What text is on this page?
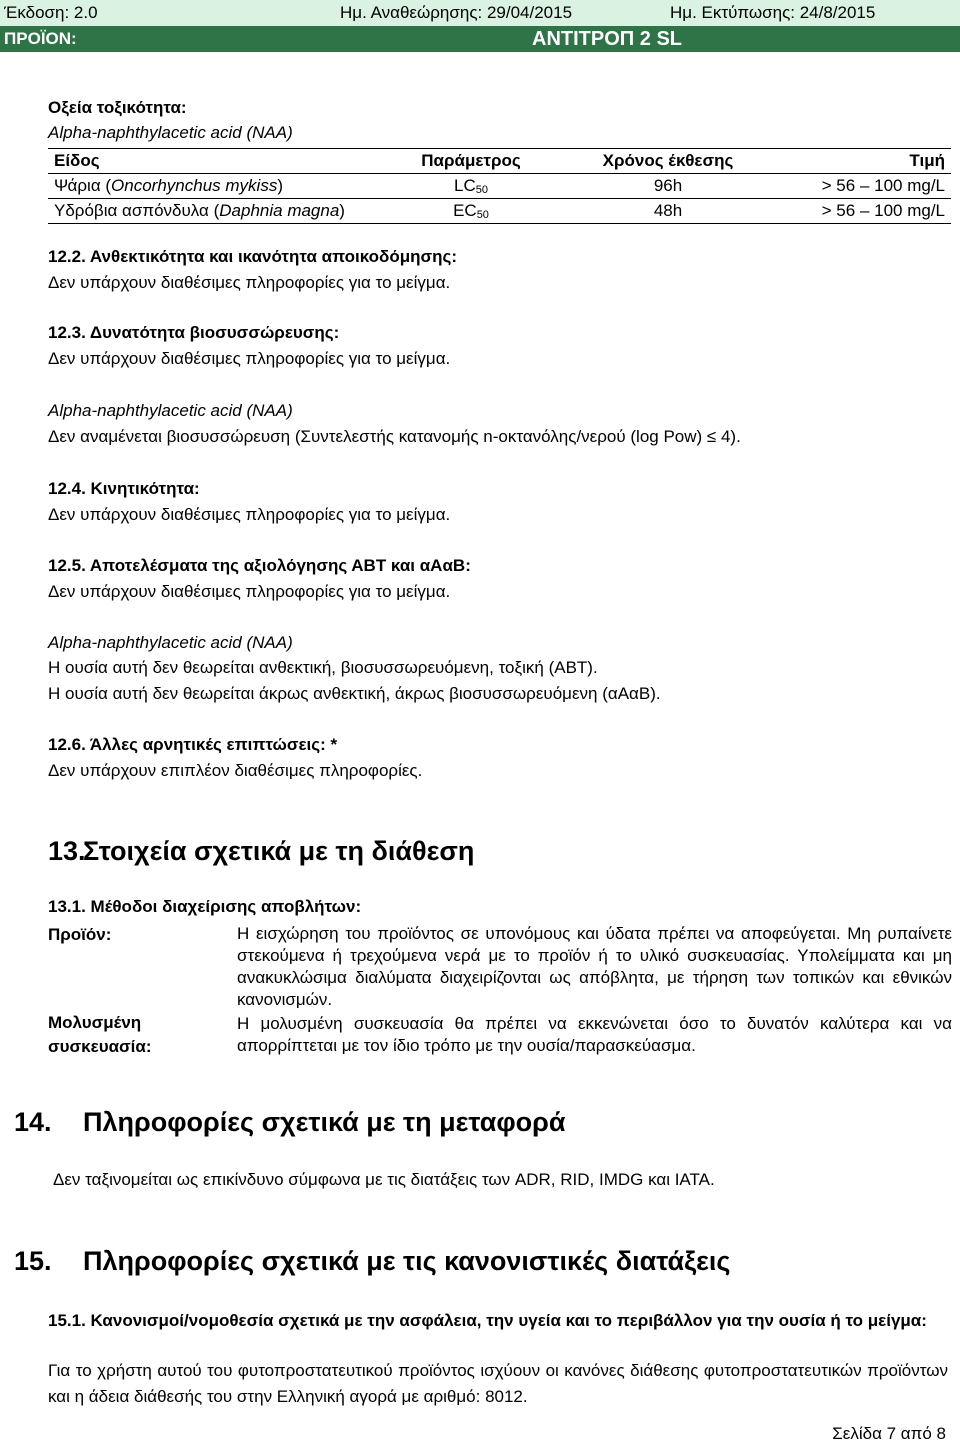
Έκδοση: 2.0	Ημ. Αναθεώρησης: 29/04/2015	Ημ. Εκτύπωσης: 24/8/2015
ΠΡΟΪΟΝ:	ΑΝΤΙΤΡΟΠ 2 SL
Οξεία τοξικότητα:
Alpha-naphthylacetic acid (NAA)
Είδος	Παράμετρος	Χρόνος έκθεσης	Τιμή
Ψάρια (Oncorhynchus mykiss)	$LC_{50}$	96h	> 56 – 100 mg/L
Υδρόβια ασπόνδυλα (Daphnia magna)	$EC_{50}$	48h	> 56 – 100 mg/L
12.2. Ανθεκτικότητα και ικανότητα αποικοδόμησης:
Δεν υπάρχουν διαθέσιμες πληροφορίες για το μείγμα.
12.3. Δυνατότητα βιοσυσσώρευσης:
Δεν υπάρχουν διαθέσιμες πληροφορίες για το μείγμα.
Alpha-naphthylacetic acid (NAA)
Δεν αναμένεται βιοσυσσώρευση (Συντελεστής κατανομής n-οκτανόλης/νερού (log Pow) ≤ 4).
12.4. Κινητικότητα:
Δεν υπάρχουν διαθέσιμες πληροφορίες για το μείγμα.
12.5. Αποτελέσματα της αξιολόγησης ΑΒΤ και αΑαΒ:
Δεν υπάρχουν διαθέσιμες πληροφορίες για το μείγμα.
Alpha-naphthylacetic acid (NAA)
Η ουσία αυτή δεν θεωρείται ανθεκτική, βιοσυσσωρευόμενη, τοξική (ΑΒΤ).
Η ουσία αυτή δεν θεωρείται άκρως ανθεκτική, άκρως βιοσυσσωρευόμενη (αΑαΒ).
12.6. Άλλες αρνητικές επιπτώσεις: *
Δεν υπάρχουν επιπλέον διαθέσιμες πληροφορίες.
13.
Στοιχεία σχετικά με τη διάθεση
13.1. Μέθοδοι διαχείρισης αποβλήτων:
Προϊόν:	Η εισχώρηση του προϊόντος σε υπονόμους και ύδατα πρέπει να αποφεύγεται. Μη ρυπαίνετε στεκούμενα ή τρεχούμενα νερά με το προϊόν ή το υλικό συσκευασίας. Υπολείμματα και μη ανακυκλώσιμα διαλύματα διαχειρίζονται ως απόβλητα, με τήρηση των τοπικών και εθνικών κανονισμών.
Μολυσμένη
συσκευασία:
Η μολυσμένη συσκευασία θα πρέπει να εκκενώνεται όσο το δυνατόν καλύτερα και να απορρίπτεται με τον ίδιο τρόπο με την ουσία/παρασκεύασμα.
14. Πληροφορίες σχετικά με τη μεταφορά
Δεν ταξινομείται ως επικίνδυνο σύμφωνα με τις διατάξεις των ADR, RID, IMDG και IATA.
15. Πληροφορίες σχετικά με τις κανονιστικές διατάξεις
15.1. Κανονισμοί/νομοθεσία σχετικά με την ασφάλεια, την υγεία και το περιβάλλον για την ουσία ή το μείγμα:
Για το χρήστη αυτού του φυτοπροστατευτικού προϊόντος ισχύουν οι κανόνες διάθεσης φυτοπροστατευτικών προϊόντων και η άδεια διάθεσής του στην Ελληνική αγορά με αριθμό: 8012.
Σελίδα 7 από 8
